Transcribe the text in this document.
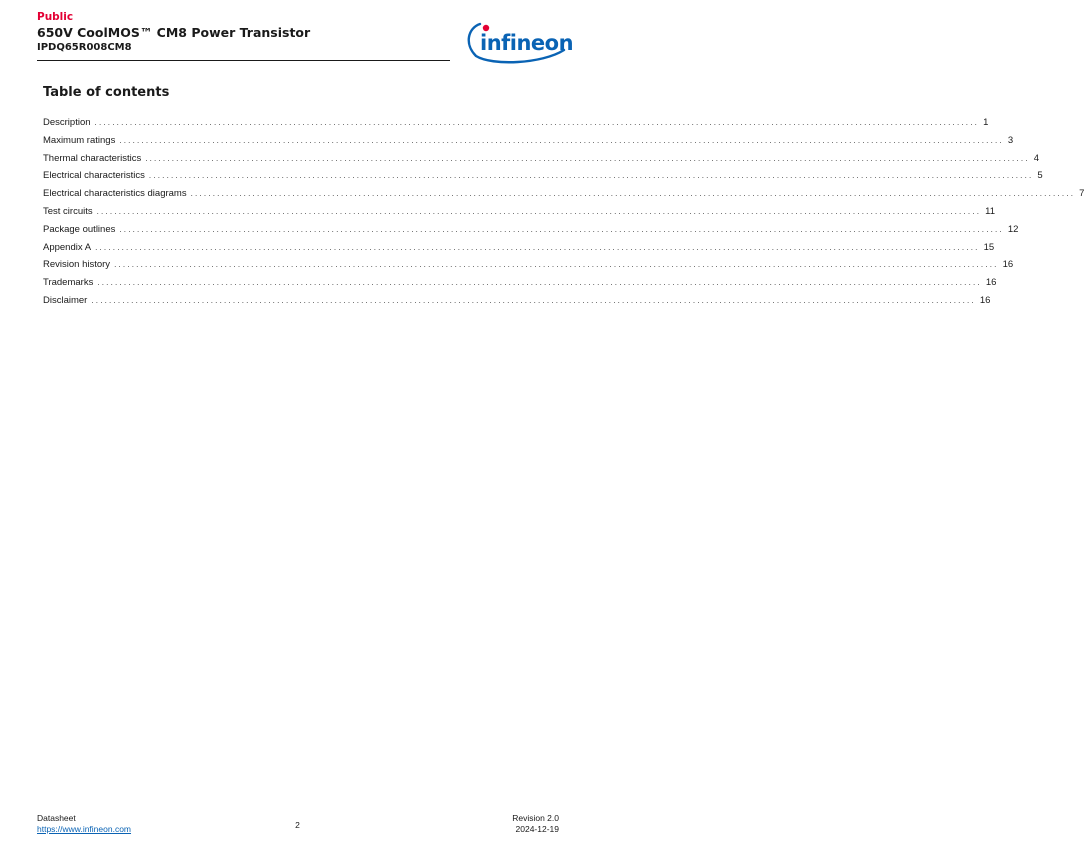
Public
650V CoolMOS™ CM8 Power Transistor
IPDQ65R008CM8	infineon
Table of contents
Description ........................................................................................................................................................................................................ 1
Maximum ratings ........................................................................................................................................................................................................ 3
Thermal characteristics ........................................................................................................................................................................................................ 4
Electrical characteristics ........................................................................................................................................................................................................ 5
Electrical characteristics diagrams ........................................................................................................................................................................................................ 7
Test circuits ........................................................................................................................................................................................................ 11
Package outlines ........................................................................................................................................................................................................ 12
Appendix A ........................................................................................................................................................................................................ 15
Revision history ........................................................................................................................................................................................................ 16
Trademarks ........................................................................................................................................................................................................ 16
Disclaimer ........................................................................................................................................................................................................ 16
Datasheet
https://www.infineon.com	2
Revision 2.0
2024-12-19
